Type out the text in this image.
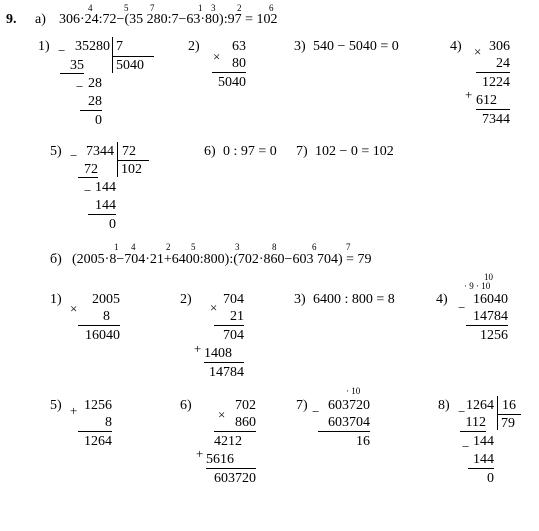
9. а) 306·24:72−(35 280:7−63·80):97 = 102
4	5 7	1 3 2	6
1) − 35280 7
5040
35
− 28
28
0
2)
×
63
80
5040
3) 540 − 5040 = 0	4) × 306
24
1224
+ 612
7344
5) − 7344 72
102
72
− 144
144
0
6) 0 : 97 = 0 7) 102 − 0 = 102
б) (2005·8−704·21+6400:800):(702·860−603 704) = 79
1 4	2 5	3	8	6	7
1)
×
2005
8
16040
2)
×
704
21
704
+ 1408
14784
3) 6400 : 800 = 8	4)
· 9 · 10
10
−
16040
14784
1256
5) + 1256
8
1264
6)
×
702
860
4212
+ 5616
603720
7)
· 10
− 603720
603704
16
8) − 1264 16
79
112
− 144
144
0
